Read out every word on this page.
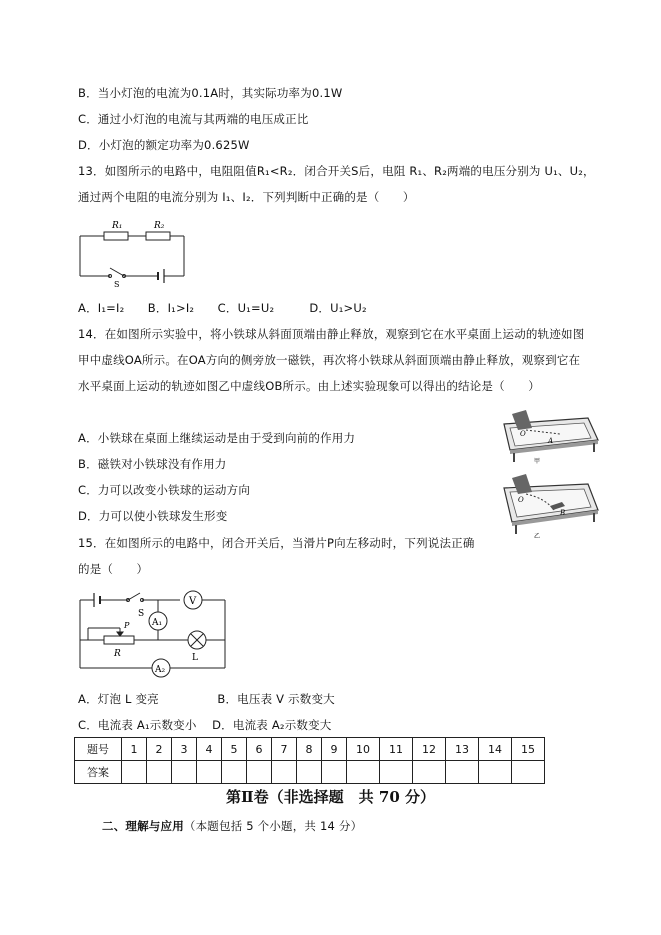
B．当小灯泡的电流为0.1A时，其实际功率为0.1W
C．通过小灯泡的电流与其两端的电压成正比
D．小灯泡的额定功率为0.625W
13．如图所示的电路中，电阻阻值R₁<R₂．闭合开关S后，电阻 R₁、R₂两端的电压分别为 U₁、U₂，
通过两个电阻的电流分别为 I₁、I₂．下列判断中正确的是（　　）
R₁	R₂
S
A．I₁=I₂　　B．I₁>I₂　　C．U₁=U₂　　　D．U₁>U₂
14．在如图所示实验中，将小铁球从斜面顶端由静止释放，观察到它在水平桌面上运动的轨迹如图
甲中虚线OA所示。在OA方向的侧旁放一磁铁，再次将小铁球从斜面顶端由静止释放，观察到它在
水平桌面上运动的轨迹如图乙中虚线OB所示。由上述实验现象可以得出的结论是（　　）
A．小铁球在桌面上继续运动是由于受到向前的作用力
B．磁铁对小铁球没有作用力
C．力可以改变小铁球的运动方向
D．力可以使小铁球发生形变
O
A
甲
O
B
乙
15．在如图所示的电路中，闭合开关后，当滑片P向左移动时，下列说法正确
的是（　　）
S
V
A₁
P
R	L
A₂
A．灯泡 L 变亮　　　　　B．电压表 V 示数变大
C．电流表 A₁示数变小　 D．电流表 A₂示数变大
题号	1	2	3	4	5	6	7	8	9	10	11	12	13	14	15
答案															
第Ⅱ卷（非选择题　共 70 分）
二、理解与应用（本题包括 5 个小题，共 14 分）
